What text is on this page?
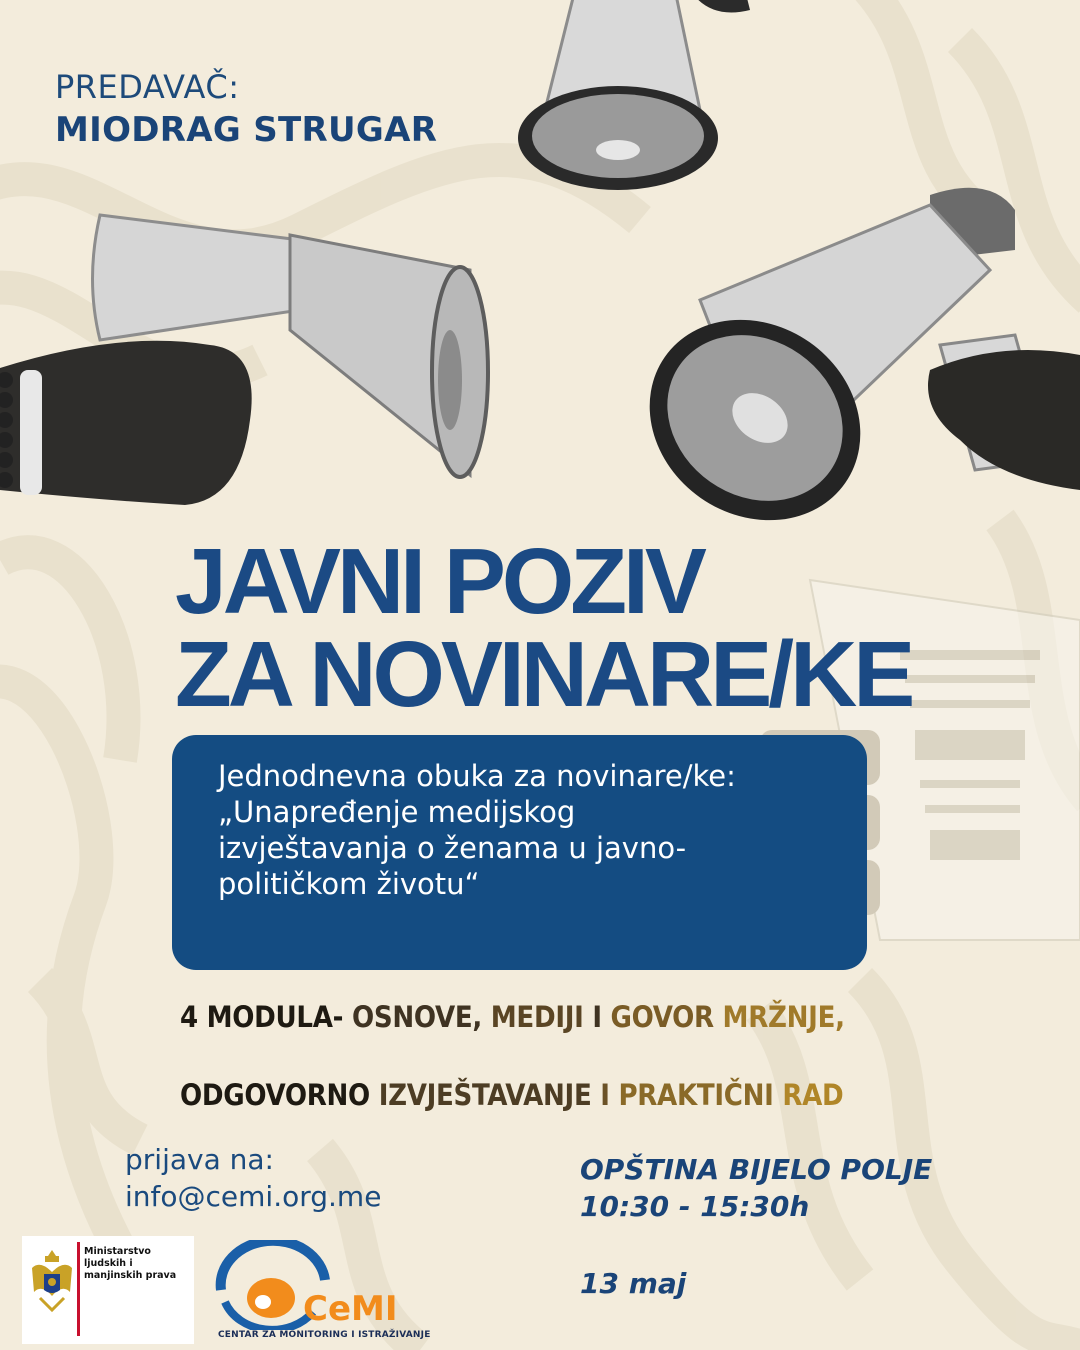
PREDAVAČ:

MIODRAG STRUGAR

JAVNI POZIV
ZA NOVINARE/KE

Jednodnevna obuka za novinare/ke:„Unapređenje medijskog izvještavanja o ženama u javno-političkom životu“

4 MODULA- OSNOVE, MEDIJI I GOVOR MRŽNJE,

ODGOVORNO IZVJEŠTAVANJE I PRAKTIČNI RAD

prijava na:

info@cemi.org.me

OPŠTINA BIJELO POLJE

10:30 - 15:30h

13 maj

Ministarstvo ljudskih i manjinskih prava

CeMI

CENTAR ZA MONITORING I ISTRAŽIVANJE
